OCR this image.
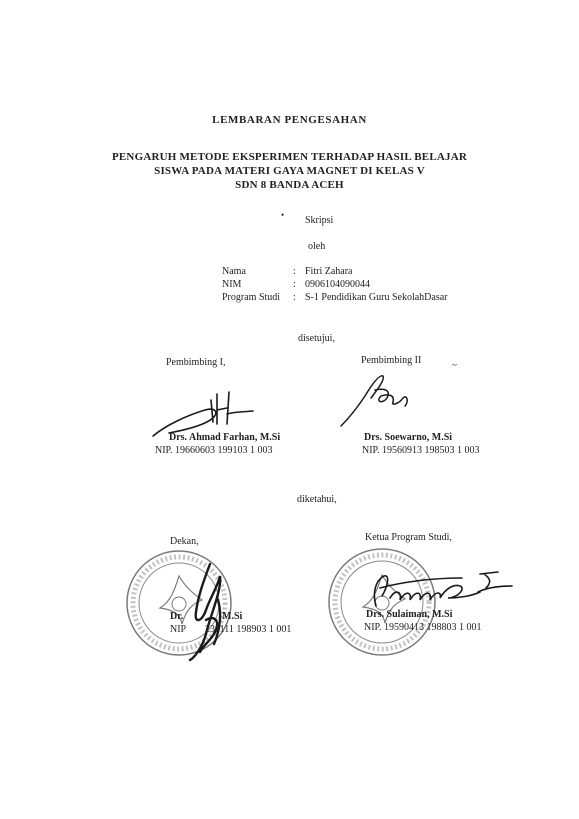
LEMBARAN PENGESAHAN
PENGARUH METODE EKSPERIMEN TERHADAP HASIL BELAJAR
SISWA PADA MATERI GAYA MAGNET DI KELAS V
SDN 8 BANDA ACEH
• Skripsi
oleh
Nama	: Fitri Zahara
NIM	: 0906104090044
Program Studi : S-1 Pendidikan Guru SekolahDasar
disetujui,
Pembimbing I,	Pembimbing II	~
Drs. Ahmad Farhan, M.Si
NIP. 19660603 199103 1 003
Drs. Soewarno, M.Si
NIP. 19560913 198503 1 003
diketahui,
Dekan,
Dr.	M.Si
NIP 231111 198903 1 001
Ketua Program Studi,
Drs. Sulaiman, M.Si
NIP. 19590413 198803 1 001
